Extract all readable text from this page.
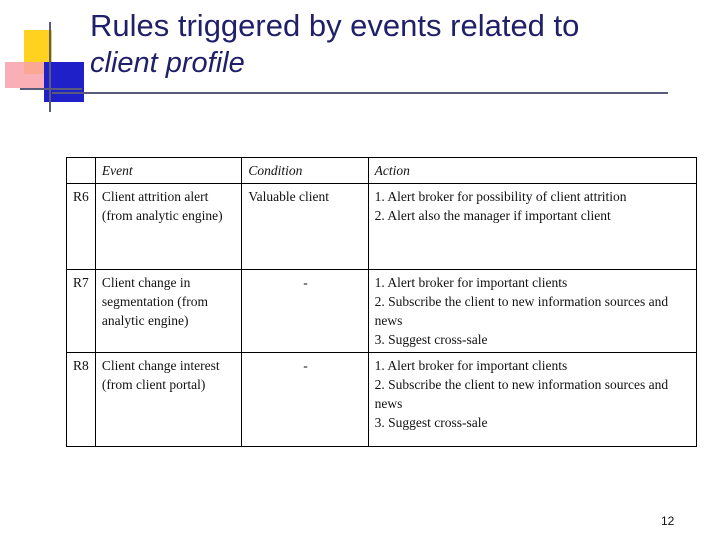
Rules triggered by events related to
client profile
	Event	Condition	Action
R6	Client attrition alert (from analytic engine)	Valuable client	1. Alert broker for possibility of client attrition
2. Alert also the manager if important client

R7	Client change in segmentation (from analytic engine)	-	1. Alert broker for important clients
2. Subscribe the client to new information sources and news
3. Suggest cross-sale

R8	Client change interest (from client portal)	-	1. Alert broker for important clients
2. Subscribe the client to new information sources and news
3. Suggest cross-sale
12
